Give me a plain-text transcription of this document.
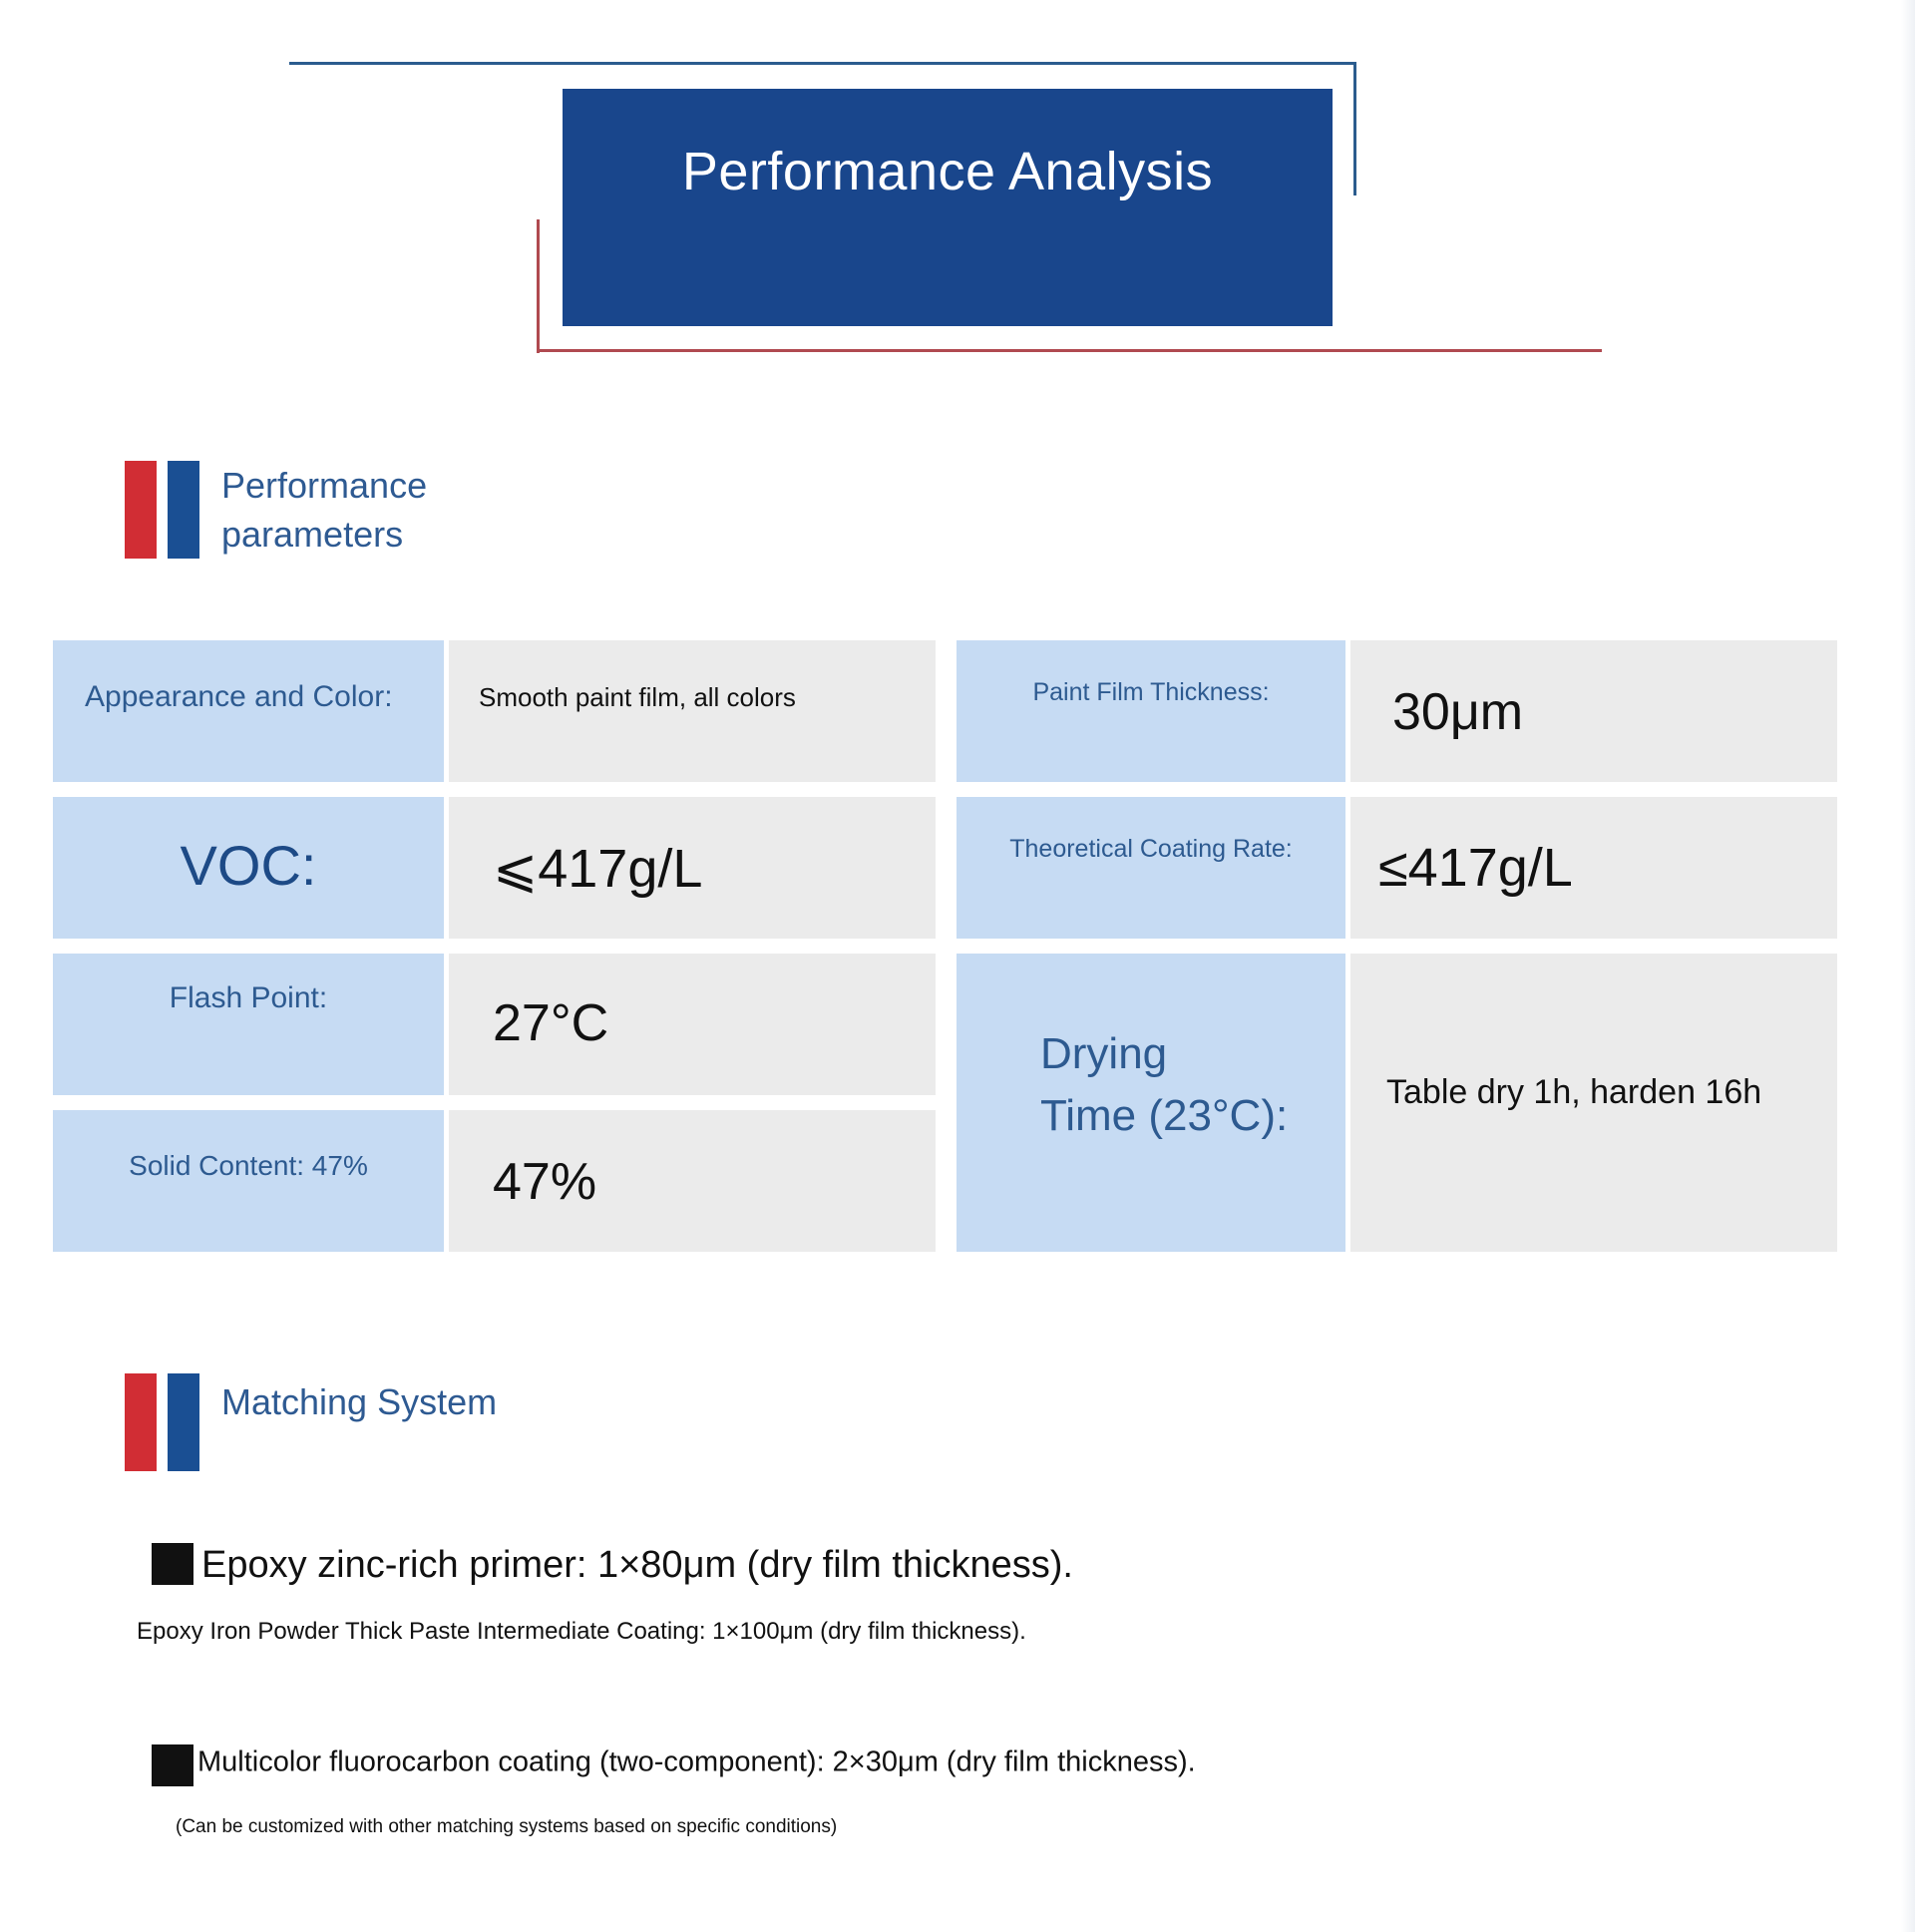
Performance Analysis
Performance
parameters
Appearance and Color:	Smooth paint film, all colors	Paint Film Thickness:	30μm
VOC:	⩽417g/L	Theoretical Coating Rate:	≤417g/L
Flash Point:	27°C
Solid Content: 47%	47%
Drying
Time (23°C):	Table dry 1h, harden 16h
Matching System
Epoxy zinc-rich primer: 1×80μm (dry film thickness).
Epoxy Iron Powder Thick Paste Intermediate Coating: 1×100μm (dry film thickness).
Multicolor fluorocarbon coating (two-component): 2×30μm (dry film thickness).
(Can be customized with other matching systems based on specific conditions)
